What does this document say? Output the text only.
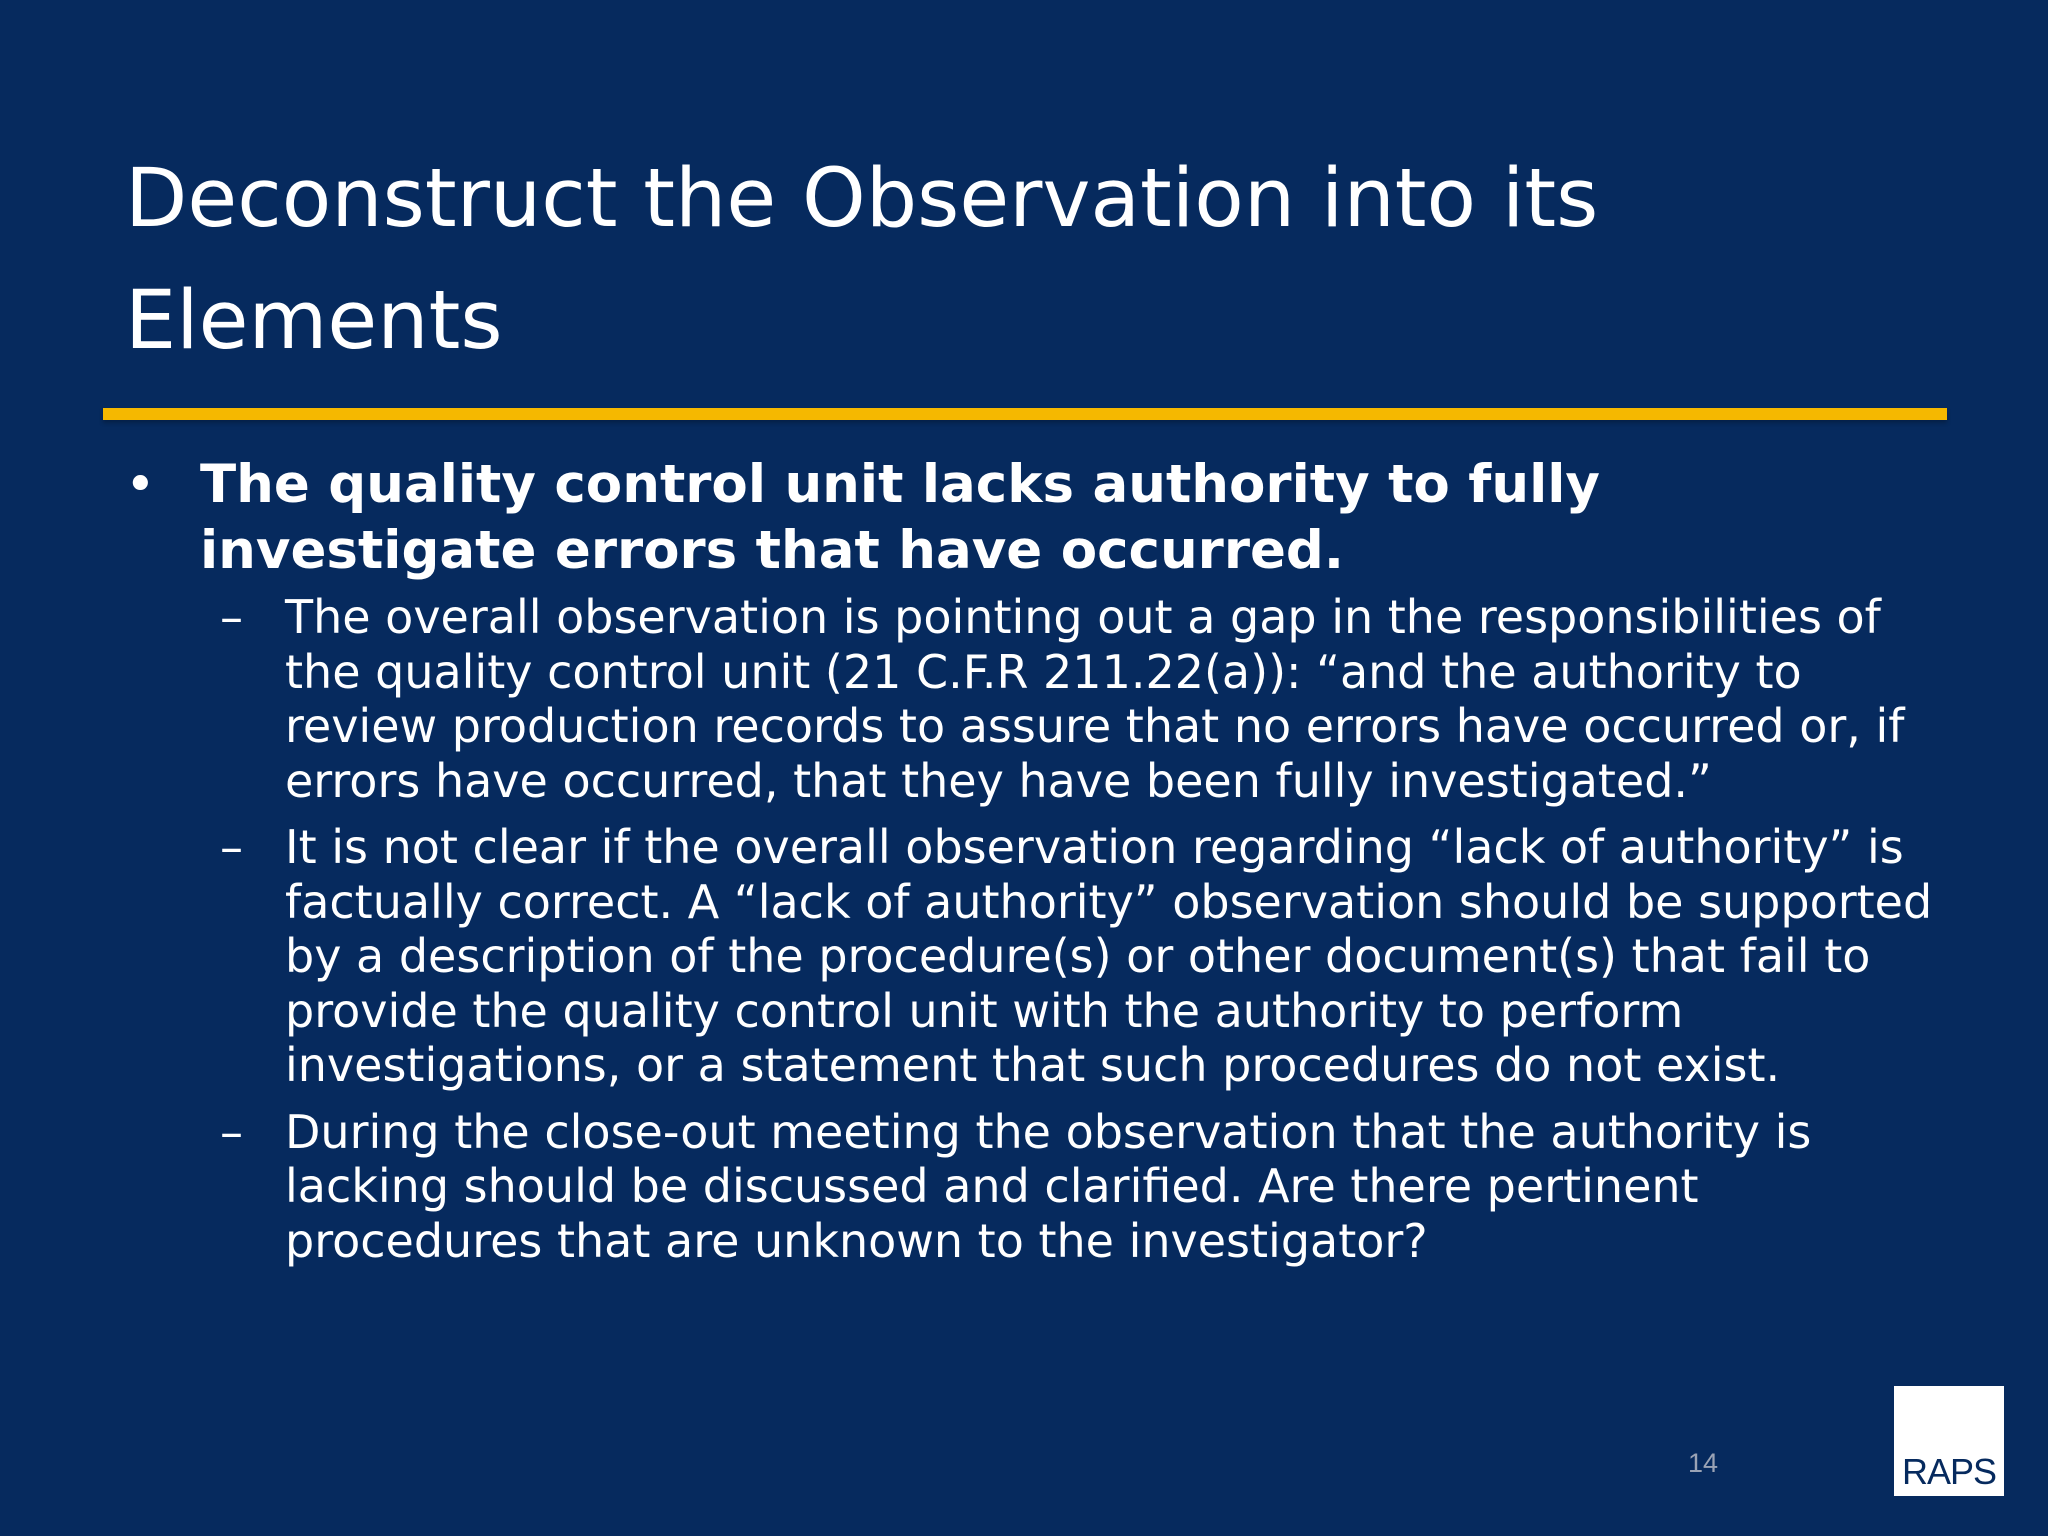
Deconstruct the Observation into its Elements
• The quality control unit lacks authority to fully investigate errors that have occurred.
– The overall observation is pointing out a gap in the responsibilities of the quality control unit (21 C.F.R 211.22(a)): “and the authority to review production records to assure that no errors have occurred or, if errors have occurred, that they have been fully investigated.”
– It is not clear if the overall observation regarding “lack of authority” is factually correct. A “lack of authority” observation should be supported by a description of the procedure(s) or other document(s) that fail to provide the quality control unit with the authority to perform investigations, or a statement that such procedures do not exist.
– During the close-out meeting the observation that the authority is lacking should be discussed and clarified. Are there pertinent procedures that are unknown to the investigator?
14	RAPS
